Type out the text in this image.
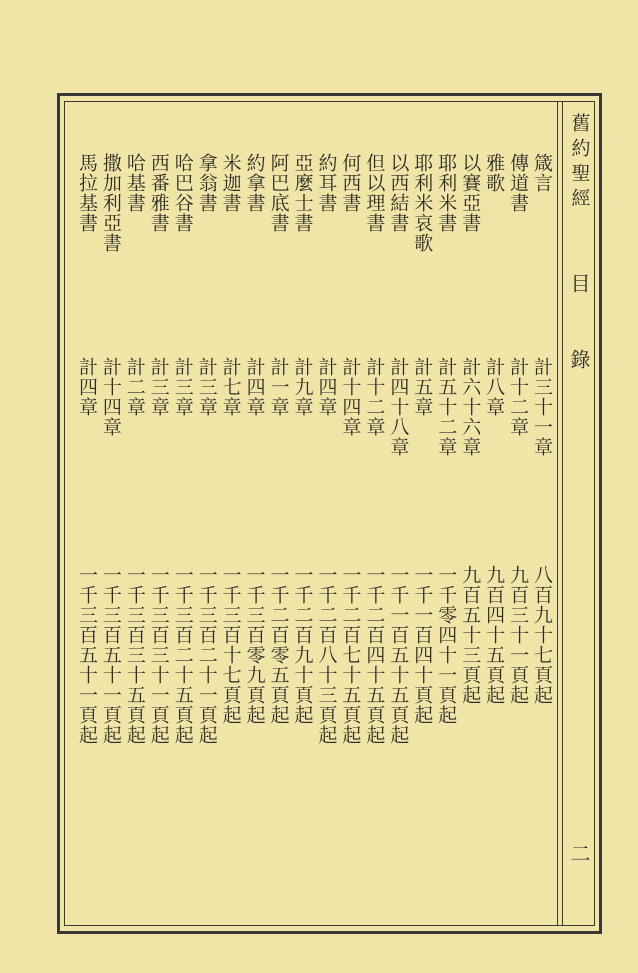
舊約聖經
目
錄
二
箴言
計三十一章
八百九十七頁起
傳道書
計十二章
九百三十一頁起
雅歌
計八章
九百四十五頁起
以賽亞書
計六十六章
九百五十三頁起
耶利米書
計五十二章
一千零四十一頁起
耶利米哀歌
計五章
一千一百四十頁起
以西結書
計四十八章
一千一百五十五頁起
但以理書
計十二章
一千二百四十五頁起
何西書
計十四章
一千二百七十五頁起
約耳書
計四章
一千二百八十三頁起
亞麼士書
計九章
一千二百九十頁起
阿巴底書
計一章
一千二百零五頁起
約拿書
計四章
一千三百零九頁起
米迦書
計七章
一千三百十七頁起
拿翁書
計三章
一千三百二十一頁起
哈巴谷書
計三章
一千三百二十五頁起
西番雅書
計三章
一千三百三十一頁起
哈基書
計二章
一千三百三十五頁起
撒加利亞書
計十四章
一千三百五十一頁起
馬拉基書
計四章
一千三百五十一頁起
